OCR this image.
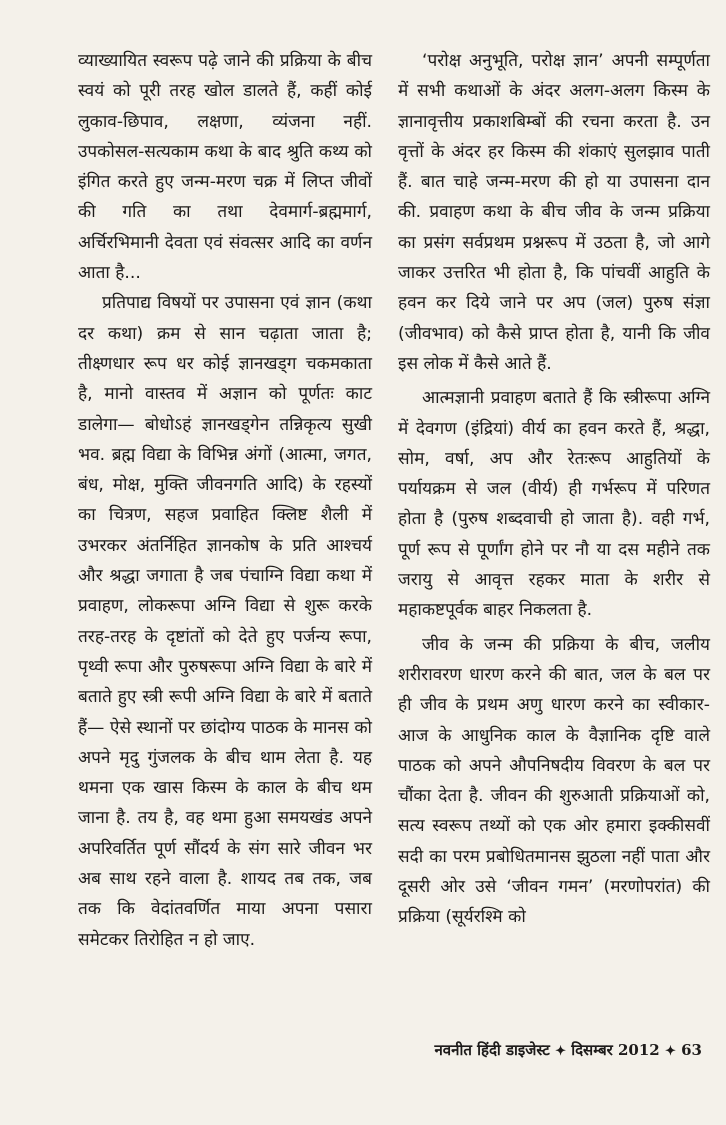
व्याख्यायित स्वरूप पढ़े जाने की प्रक्रिया के बीच स्वयं को पूरी तरह खोल डालते हैं, कहीं कोई लुकाव-छिपाव, लक्षणा, व्यंजना नहीं. उपकोसल-सत्यकाम कथा के बाद श्रुति कथ्य को इंगित करते हुए जन्म-मरण चक्र में लिप्त जीवों की गति का तथा देवमार्ग-ब्रह्ममार्ग, अर्चिरभिमानी देवता एवं संवत्सर आदि का वर्णन आता है...

प्रतिपाद्य विषयों पर उपासना एवं ज्ञान (कथा दर कथा) क्रम से सान चढ़ाता जाता है; तीक्ष्णधार रूप धर कोई ज्ञानखड्ग चकमकाता है, मानो वास्तव में अज्ञान को पूर्णतः काट डालेगा— बोधोऽहं ज्ञानखड्गेन तन्निकृत्य सुखी भव. ब्रह्म विद्या के विभिन्न अंगों (आत्मा, जगत, बंध, मोक्ष, मुक्ति जीवनगति आदि) के रहस्यों का चित्रण, सहज प्रवाहित क्लिष्ट शैली में उभरकर अंतर्निहित ज्ञानकोष के प्रति आश्चर्य और श्रद्धा जगाता है जब पंचाग्नि विद्या कथा में प्रवाहण, लोकरूपा अग्नि विद्या से शुरू करके तरह-तरह के दृष्टांतों को देते हुए पर्जन्य रूपा, पृथ्वी रूपा और पुरुषरूपा अग्नि विद्या के बारे में बताते हुए स्त्री रूपी अग्नि विद्या के बारे में बताते हैं— ऐसे स्थानों पर छांदोग्य पाठक के मानस को अपने मृदु गुंजलक के बीच थाम लेता है. यह थमना एक खास किस्म के काल के बीच थम जाना है. तय है, वह थमा हुआ समयखंड अपने अपरिवर्तित पूर्ण सौंदर्य के संग सारे जीवन भर अब साथ रहने वाला है. शायद तब तक, जब तक कि वेदांतवर्णित माया अपना पसारा समेटकर तिरोहित न हो जाए.

‘परोक्ष अनुभूति, परोक्ष ज्ञान’ अपनी सम्पूर्णता में सभी कथाओं के अंदर अलग-अलग किस्म के ज्ञानावृत्तीय प्रकाशबिम्बों की रचना करता है. उन वृत्तों के अंदर हर किस्म की शंकाएं सुलझाव पाती हैं. बात चाहे जन्म-मरण की हो या उपासना दान की. प्रवाहण कथा के बीच जीव के जन्म प्रक्रिया का प्रसंग सर्वप्रथम प्रश्नरूप में उठता है, जो आगे जाकर उत्तरित भी होता है, कि पांचवीं आहुति के हवन कर दिये जाने पर अप (जल) पुरुष संज्ञा (जीवभाव) को कैसे प्राप्त होता है, यानी कि जीव इस लोक में कैसे आते हैं.

आत्मज्ञानी प्रवाहण बताते हैं कि स्त्रीरूपा अग्नि में देवगण (इंद्रियां) वीर्य का हवन करते हैं, श्रद्धा, सोम, वर्षा, अप और रेतःरूप आहुतियों के पर्यायक्रम से जल (वीर्य) ही गर्भरूप में परिणत होता है (पुरुष शब्दवाची हो जाता है). वही गर्भ, पूर्ण रूप से पूर्णांग होने पर नौ या दस महीने तक जरायु से आवृत्त रहकर माता के शरीर से महाकष्टपूर्वक बाहर निकलता है.

जीव के जन्म की प्रक्रिया के बीच, जलीय शरीरावरण धारण करने की बात, जल के बल पर ही जीव के प्रथम अणु धारण करने का स्वीकार- आज के आधुनिक काल के वैज्ञानिक दृष्टि वाले पाठक को अपने औपनिषदीय विवरण के बल पर चौंका देता है. जीवन की शुरुआती प्रक्रियाओं को, सत्य स्वरूप तथ्यों को एक ओर हमारा इक्कीसवीं सदी का परम प्रबोधितमानस झुठला नहीं पाता और दूसरी ओर उसे ‘जीवन गमन’ (मरणोपरांत) की प्रक्रिया (सूर्यरश्मि को

नवनीत हिंदी डाइजेस्ट ✦ दिसम्बर 2012 ✦ 63
